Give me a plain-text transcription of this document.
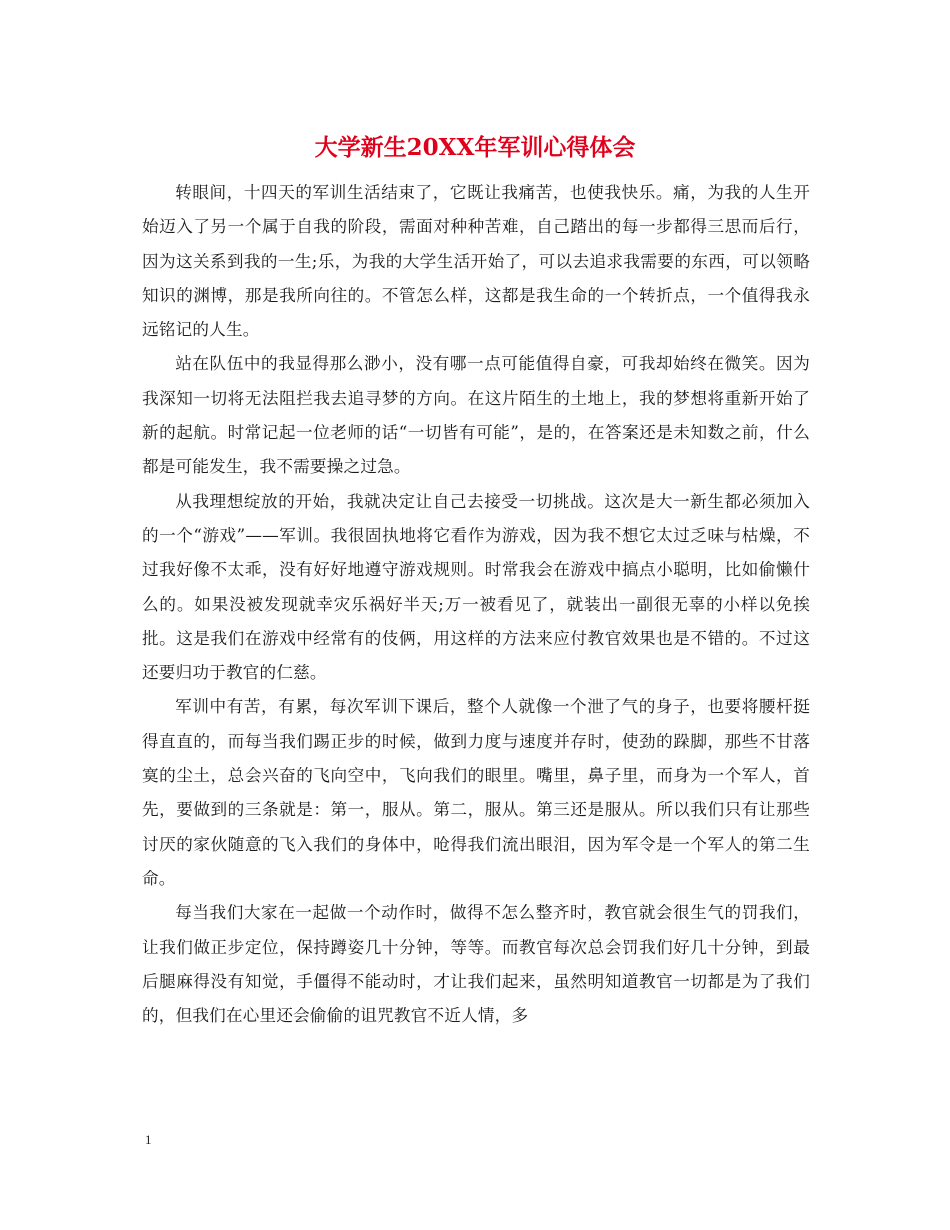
大学新生20XX年军训心得体会

转眼间，十四天的军训生活结束了，它既让我痛苦，也使我快乐。痛，为我的人生开始迈入了另一个属于自我的阶段，需面对种种苦难，自己踏出的每一步都得三思而后行，因为这关系到我的一生;乐，为我的大学生活开始了，可以去追求我需要的东西，可以领略知识的渊博，那是我所向往的。不管怎么样，这都是我生命的一个转折点，一个值得我永远铭记的人生。

站在队伍中的我显得那么渺小，没有哪一点可能值得自豪，可我却始终在微笑。因为我深知一切将无法阻拦我去追寻梦的方向。在这片陌生的土地上，我的梦想将重新开始了新的起航。时常记起一位老师的话“一切皆有可能”，是的，在答案还是未知数之前，什么都是可能发生，我不需要操之过急。

从我理想绽放的开始，我就决定让自己去接受一切挑战。这次是大一新生都必须加入的一个“游戏”——军训。我很固执地将它看作为游戏，因为我不想它太过乏味与枯燥，不过我好像不太乖，没有好好地遵守游戏规则。时常我会在游戏中搞点小聪明，比如偷懒什么的。如果没被发现就幸灾乐祸好半天;万一被看见了，就装出一副很无辜的小样以免挨批。这是我们在游戏中经常有的伎俩，用这样的方法来应付教官效果也是不错的。不过这还要归功于教官的仁慈。

军训中有苦，有累，每次军训下课后，整个人就像一个泄了气的身子，也要将腰杆挺得直直的，而每当我们踢正步的时候，做到力度与速度并存时，使劲的跺脚，那些不甘落寞的尘土，总会兴奋的飞向空中，飞向我们的眼里。嘴里，鼻子里，而身为一个军人，首先，要做到的三条就是：第一，服从。第二，服从。第三还是服从。所以我们只有让那些讨厌的家伙随意的飞入我们的身体中，呛得我们流出眼泪，因为军令是一个军人的第二生命。

每当我们大家在一起做一个动作时，做得不怎么整齐时，教官就会很生气的罚我们，让我们做正步定位，保持蹲姿几十分钟，等等。而教官每次总会罚我们好几十分钟，到最后腿麻得没有知觉，手僵得不能动时，才让我们起来，虽然明知道教官一切都是为了我们的，但我们在心里还会偷偷的诅咒教官不近人情，多

1
